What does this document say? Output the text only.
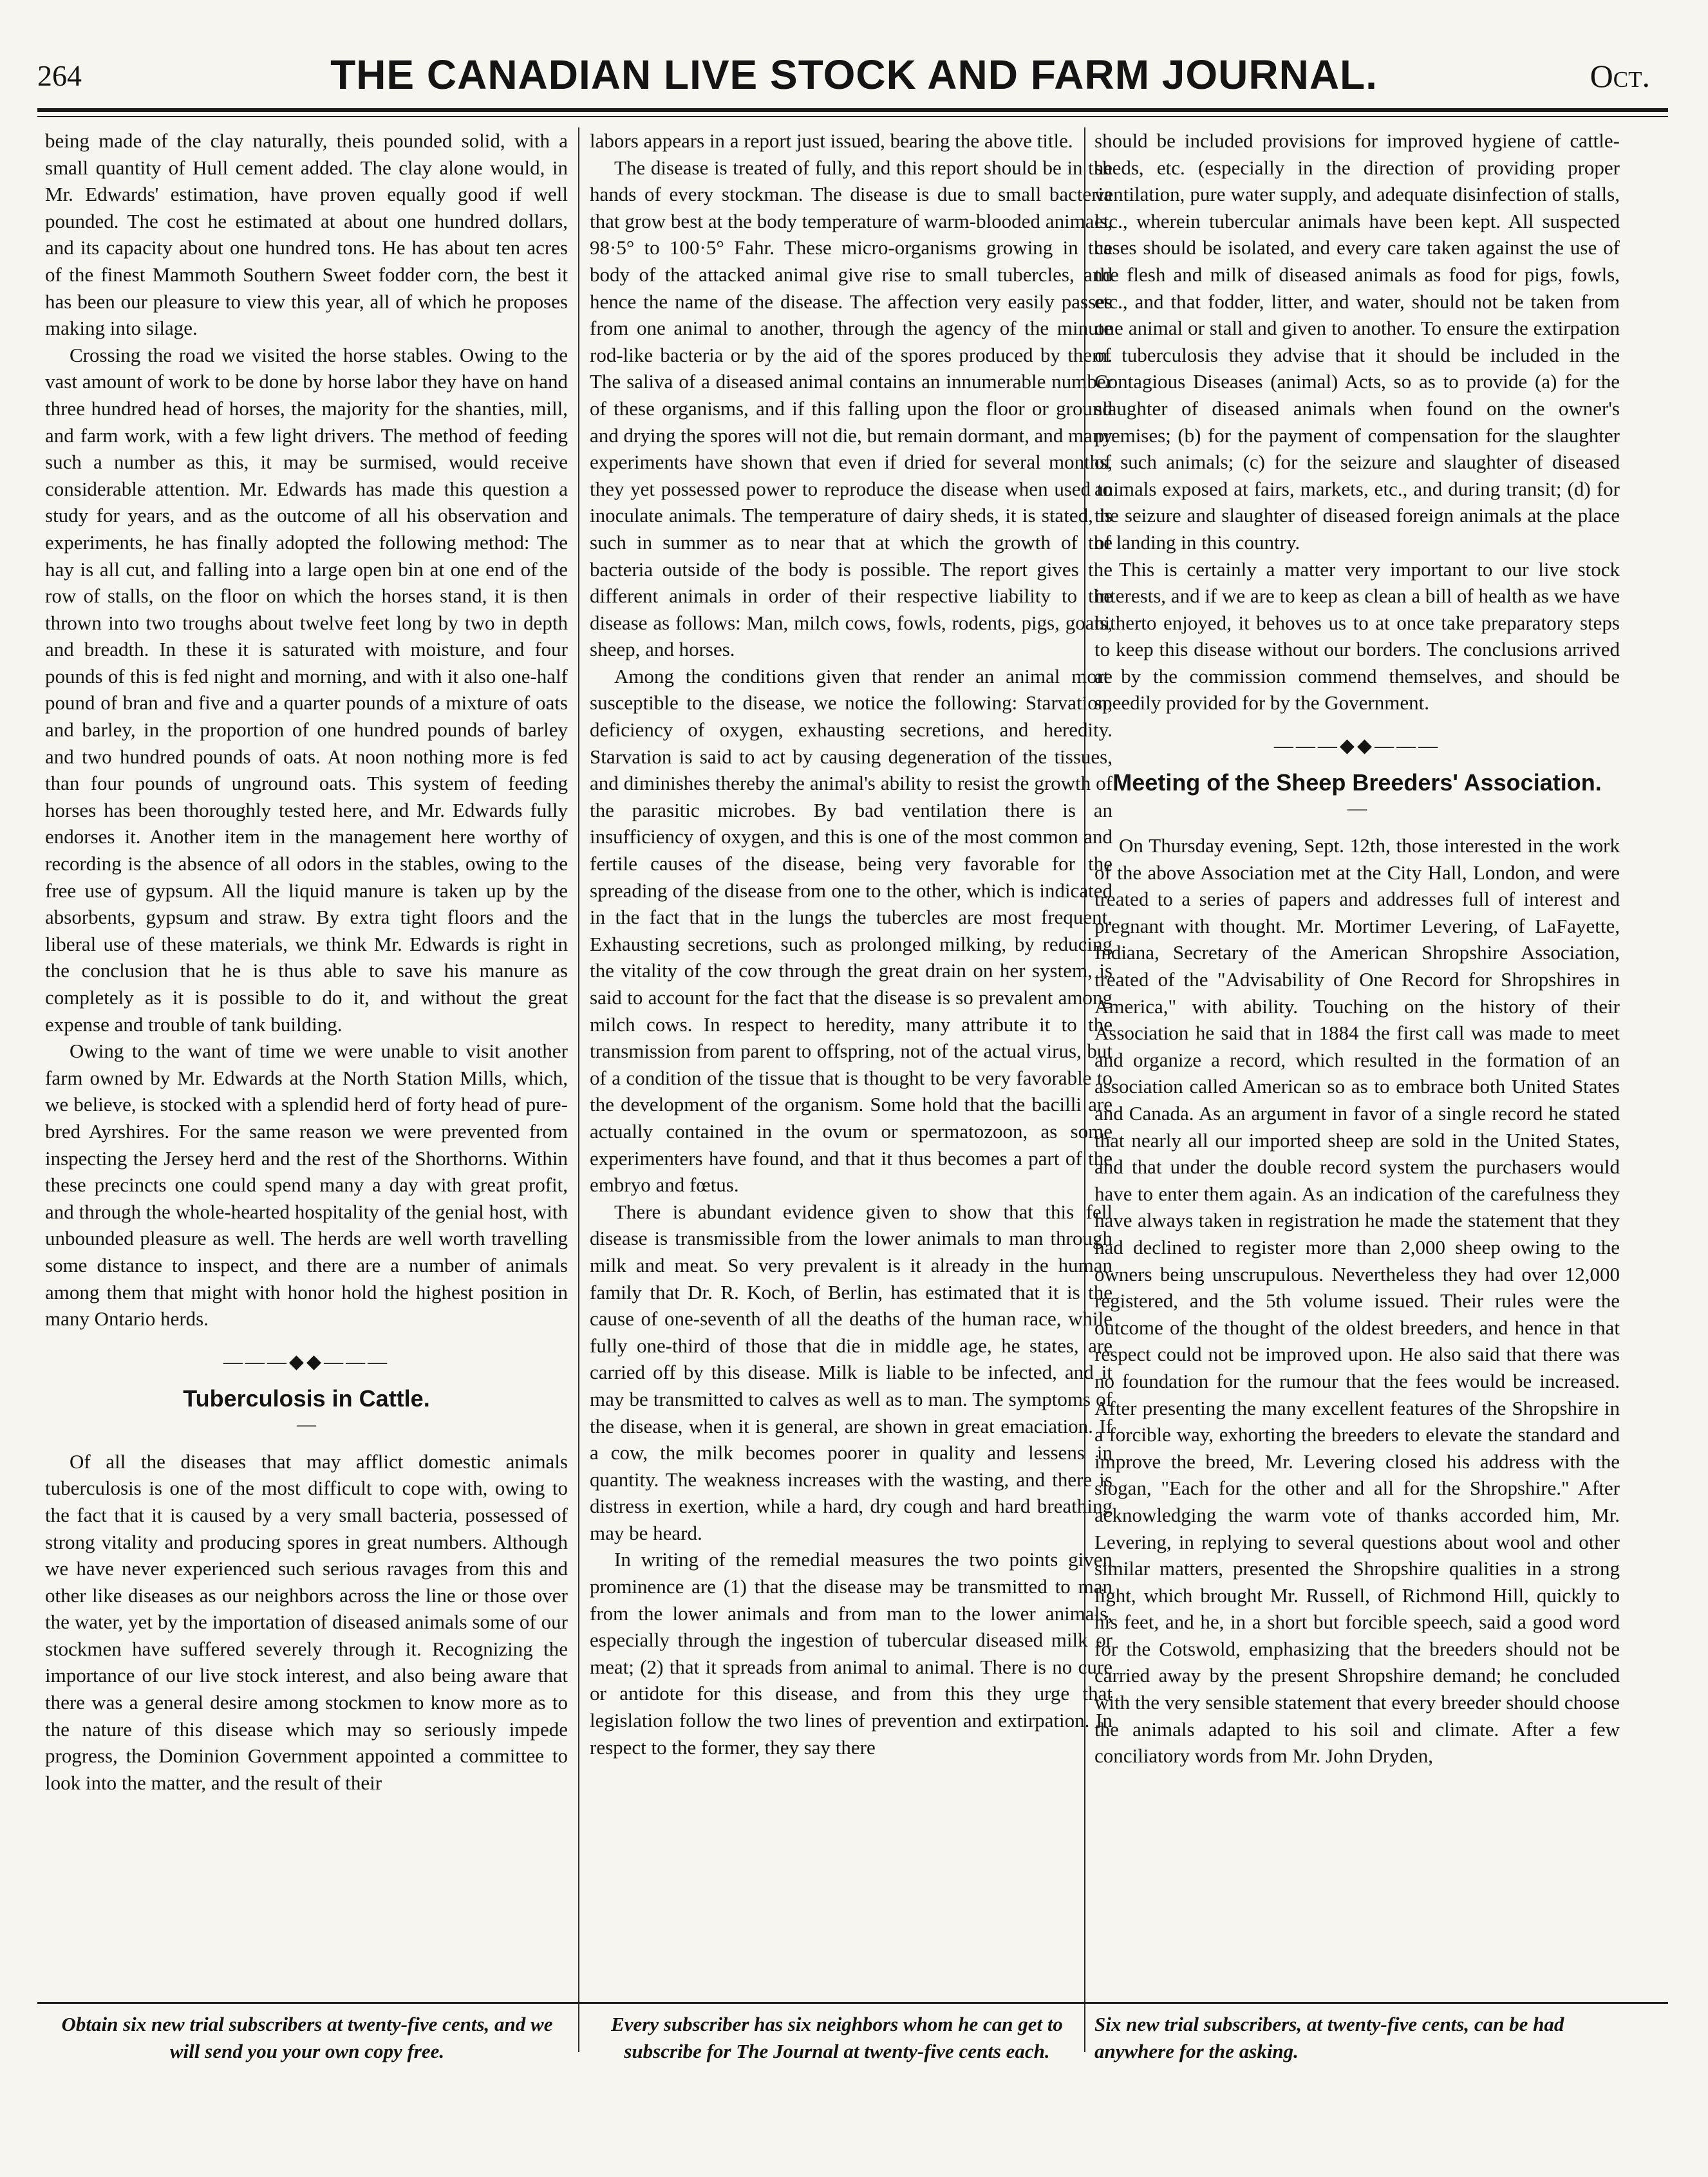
264	THE CANADIAN LIVE STOCK AND FARM JOURNAL.	Oct.

being made of the clay naturally, theis pounded solid, with a small quantity of Hull cement added. The clay alone would, in Mr. Edwards' estimation, have proven equally good if well pounded. The cost he estimated at about one hundred dollars, and its capacity about one hundred tons. He has about ten acres of the finest Mammoth Southern Sweet fodder corn, the best it has been our pleasure to view this year, all of which he proposes making into silage.

Crossing the road we visited the horse stables. Owing to the vast amount of work to be done by horse labor they have on hand three hundred head of horses, the majority for the shanties, mill, and farm work, with a few light drivers. The method of feeding such a number as this, it may be surmised, would receive considerable attention. Mr. Edwards has made this question a study for years, and as the outcome of all his observation and experiments, he has finally adopted the following method: The hay is all cut, and falling into a large open bin at one end of the row of stalls, on the floor on which the horses stand, it is then thrown into two troughs about twelve feet long by two in depth and breadth. In these it is saturated with moisture, and four pounds of this is fed night and morning, and with it also one-half pound of bran and five and a quarter pounds of a mixture of oats and barley, in the proportion of one hundred pounds of barley and two hundred pounds of oats. At noon nothing more is fed than four pounds of unground oats. This system of feeding horses has been thoroughly tested here, and Mr. Edwards fully endorses it. Another item in the management here worthy of recording is the absence of all odors in the stables, owing to the free use of gypsum. All the liquid manure is taken up by the absorbents, gypsum and straw. By extra tight floors and the liberal use of these materials, we think Mr. Edwards is right in the conclusion that he is thus able to save his manure as completely as it is possible to do it, and without the great expense and trouble of tank building.

Owing to the want of time we were unable to visit another farm owned by Mr. Edwards at the North Station Mills, which, we believe, is stocked with a splendid herd of forty head of pure-bred Ayrshires. For the same reason we were prevented from inspecting the Jersey herd and the rest of the Shorthorns. Within these precincts one could spend many a day with great profit, and through the whole-hearted hospitality of the genial host, with unbounded pleasure as well. The herds are well worth travelling some distance to inspect, and there are a number of animals among them that might with honor hold the highest position in many Ontario herds.

———◆◆———
Tuberculosis in Cattle.
—

Of all the diseases that may afflict domestic animals tuberculosis is one of the most difficult to cope with, owing to the fact that it is caused by a very small bacteria, possessed of strong vitality and producing spores in great numbers. Although we have never experienced such serious ravages from this and other like diseases as our neighbors across the line or those over the water, yet by the importation of diseased animals some of our stockmen have suffered severely through it. Recognizing the importance of our live stock interest, and also being aware that there was a general desire among stockmen to know more as to the nature of this disease which may so seriously impede progress, the Dominion Government appointed a committee to look into the matter, and the result of their

labors appears in a report just issued, bearing the above title.

The disease is treated of fully, and this report should be in the hands of every stockman. The disease is due to small bacteria that grow best at the body temperature of warm-blooded animals, 98·5° to 100·5° Fahr. These micro-organisms growing in the body of the attacked animal give rise to small tubercles, and hence the name of the disease. The affection very easily passes from one animal to another, through the agency of the minute rod-like bacteria or by the aid of the spores produced by them. The saliva of a diseased animal contains an innumerable number of these organisms, and if this falling upon the floor or ground and drying the spores will not die, but remain dormant, and many experiments have shown that even if dried for several months, they yet possessed power to reproduce the disease when used to inoculate animals. The temperature of dairy sheds, it is stated, is such in summer as to near that at which the growth of the bacteria outside of the body is possible. The report gives the different animals in order of their respective liability to the disease as follows: Man, milch cows, fowls, rodents, pigs, goats, sheep, and horses.

Among the conditions given that render an animal more susceptible to the disease, we notice the following: Starvation, deficiency of oxygen, exhausting secretions, and heredity. Starvation is said to act by causing degeneration of the tissues, and diminishes thereby the animal's ability to resist the growth of the parasitic microbes. By bad ventilation there is an insufficiency of oxygen, and this is one of the most common and fertile causes of the disease, being very favorable for the spreading of the disease from one to the other, which is indicated in the fact that in the lungs the tubercles are most frequent. Exhausting secretions, such as prolonged milking, by reducing the vitality of the cow through the great drain on her system, is said to account for the fact that the disease is so prevalent among milch cows. In respect to heredity, many attribute it to the transmission from parent to offspring, not of the actual virus, but of a condition of the tissue that is thought to be very favorable to the development of the organism. Some hold that the bacilli are actually contained in the ovum or spermatozoon, as some experimenters have found, and that it thus becomes a part of the embryo and fœtus.

There is abundant evidence given to show that this fell disease is transmissible from the lower animals to man through milk and meat. So very prevalent is it already in the human family that Dr. R. Koch, of Berlin, has estimated that it is the cause of one-seventh of all the deaths of the human race, while fully one-third of those that die in middle age, he states, are carried off by this disease. Milk is liable to be infected, and it may be transmitted to calves as well as to man. The symptoms of the disease, when it is general, are shown in great emaciation. If a cow, the milk becomes poorer in quality and lessens in quantity. The weakness increases with the wasting, and there is distress in exertion, while a hard, dry cough and hard breathing may be heard.

In writing of the remedial measures the two points given prominence are (1) that the disease may be transmitted to man from the lower animals and from man to the lower animals, especially through the ingestion of tubercular diseased milk or meat; (2) that it spreads from animal to animal. There is no cure or antidote for this disease, and from this they urge that legislation follow the two lines of prevention and extirpation. In respect to the former, they say there

should be included provisions for improved hygiene of cattle-sheds, etc. (especially in the direction of providing proper ventilation, pure water supply, and adequate disinfection of stalls, etc., wherein tubercular animals have been kept. All suspected cases should be isolated, and every care taken against the use of the flesh and milk of diseased animals as food for pigs, fowls, etc., and that fodder, litter, and water, should not be taken from one animal or stall and given to another. To ensure the extirpation of tuberculosis they advise that it should be included in the Contagious Diseases (animal) Acts, so as to provide (a) for the slaughter of diseased animals when found on the owner's premises; (b) for the payment of compensation for the slaughter of such animals; (c) for the seizure and slaughter of diseased animals exposed at fairs, markets, etc., and during transit; (d) for the seizure and slaughter of diseased foreign animals at the place of landing in this country.

This is certainly a matter very important to our live stock interests, and if we are to keep as clean a bill of health as we have hitherto enjoyed, it behoves us to at once take preparatory steps to keep this disease without our borders. The conclusions arrived at by the commission commend themselves, and should be speedily provided for by the Government.

———◆◆———
Meeting of the Sheep Breeders' Association.
—

On Thursday evening, Sept. 12th, those interested in the work of the above Association met at the City Hall, London, and were treated to a series of papers and addresses full of interest and pregnant with thought. Mr. Mortimer Levering, of LaFayette, Indiana, Secretary of the American Shropshire Association, treated of the "Advisability of One Record for Shropshires in America," with ability. Touching on the history of their Association he said that in 1884 the first call was made to meet and organize a record, which resulted in the formation of an association called American so as to embrace both United States and Canada. As an argument in favor of a single record he stated that nearly all our imported sheep are sold in the United States, and that under the double record system the purchasers would have to enter them again. As an indication of the carefulness they have always taken in registration he made the statement that they had declined to register more than 2,000 sheep owing to the owners being unscrupulous. Nevertheless they had over 12,000 registered, and the 5th volume issued. Their rules were the outcome of the thought of the oldest breeders, and hence in that respect could not be improved upon. He also said that there was no foundation for the rumour that the fees would be increased. After presenting the many excellent features of the Shropshire in a forcible way, exhorting the breeders to elevate the standard and improve the breed, Mr. Levering closed his address with the slogan, "Each for the other and all for the Shropshire." After acknowledging the warm vote of thanks accorded him, Mr. Levering, in replying to several questions about wool and other similar matters, presented the Shropshire qualities in a strong light, which brought Mr. Russell, of Richmond Hill, quickly to his feet, and he, in a short but forcible speech, said a good word for the Cotswold, emphasizing that the breeders should not be carried away by the present Shropshire demand; he concluded with the very sensible statement that every breeder should choose the animals adapted to his soil and climate. After a few conciliatory words from Mr. John Dryden,

Obtain six new trial subscribers at twenty-five cents, and we will send you your own copy free.
Every subscriber has six neighbors whom he can get to subscribe for The Journal at twenty-five cents each.
Six new trial subscribers, at twenty-five cents, can be had anywhere for the asking.
